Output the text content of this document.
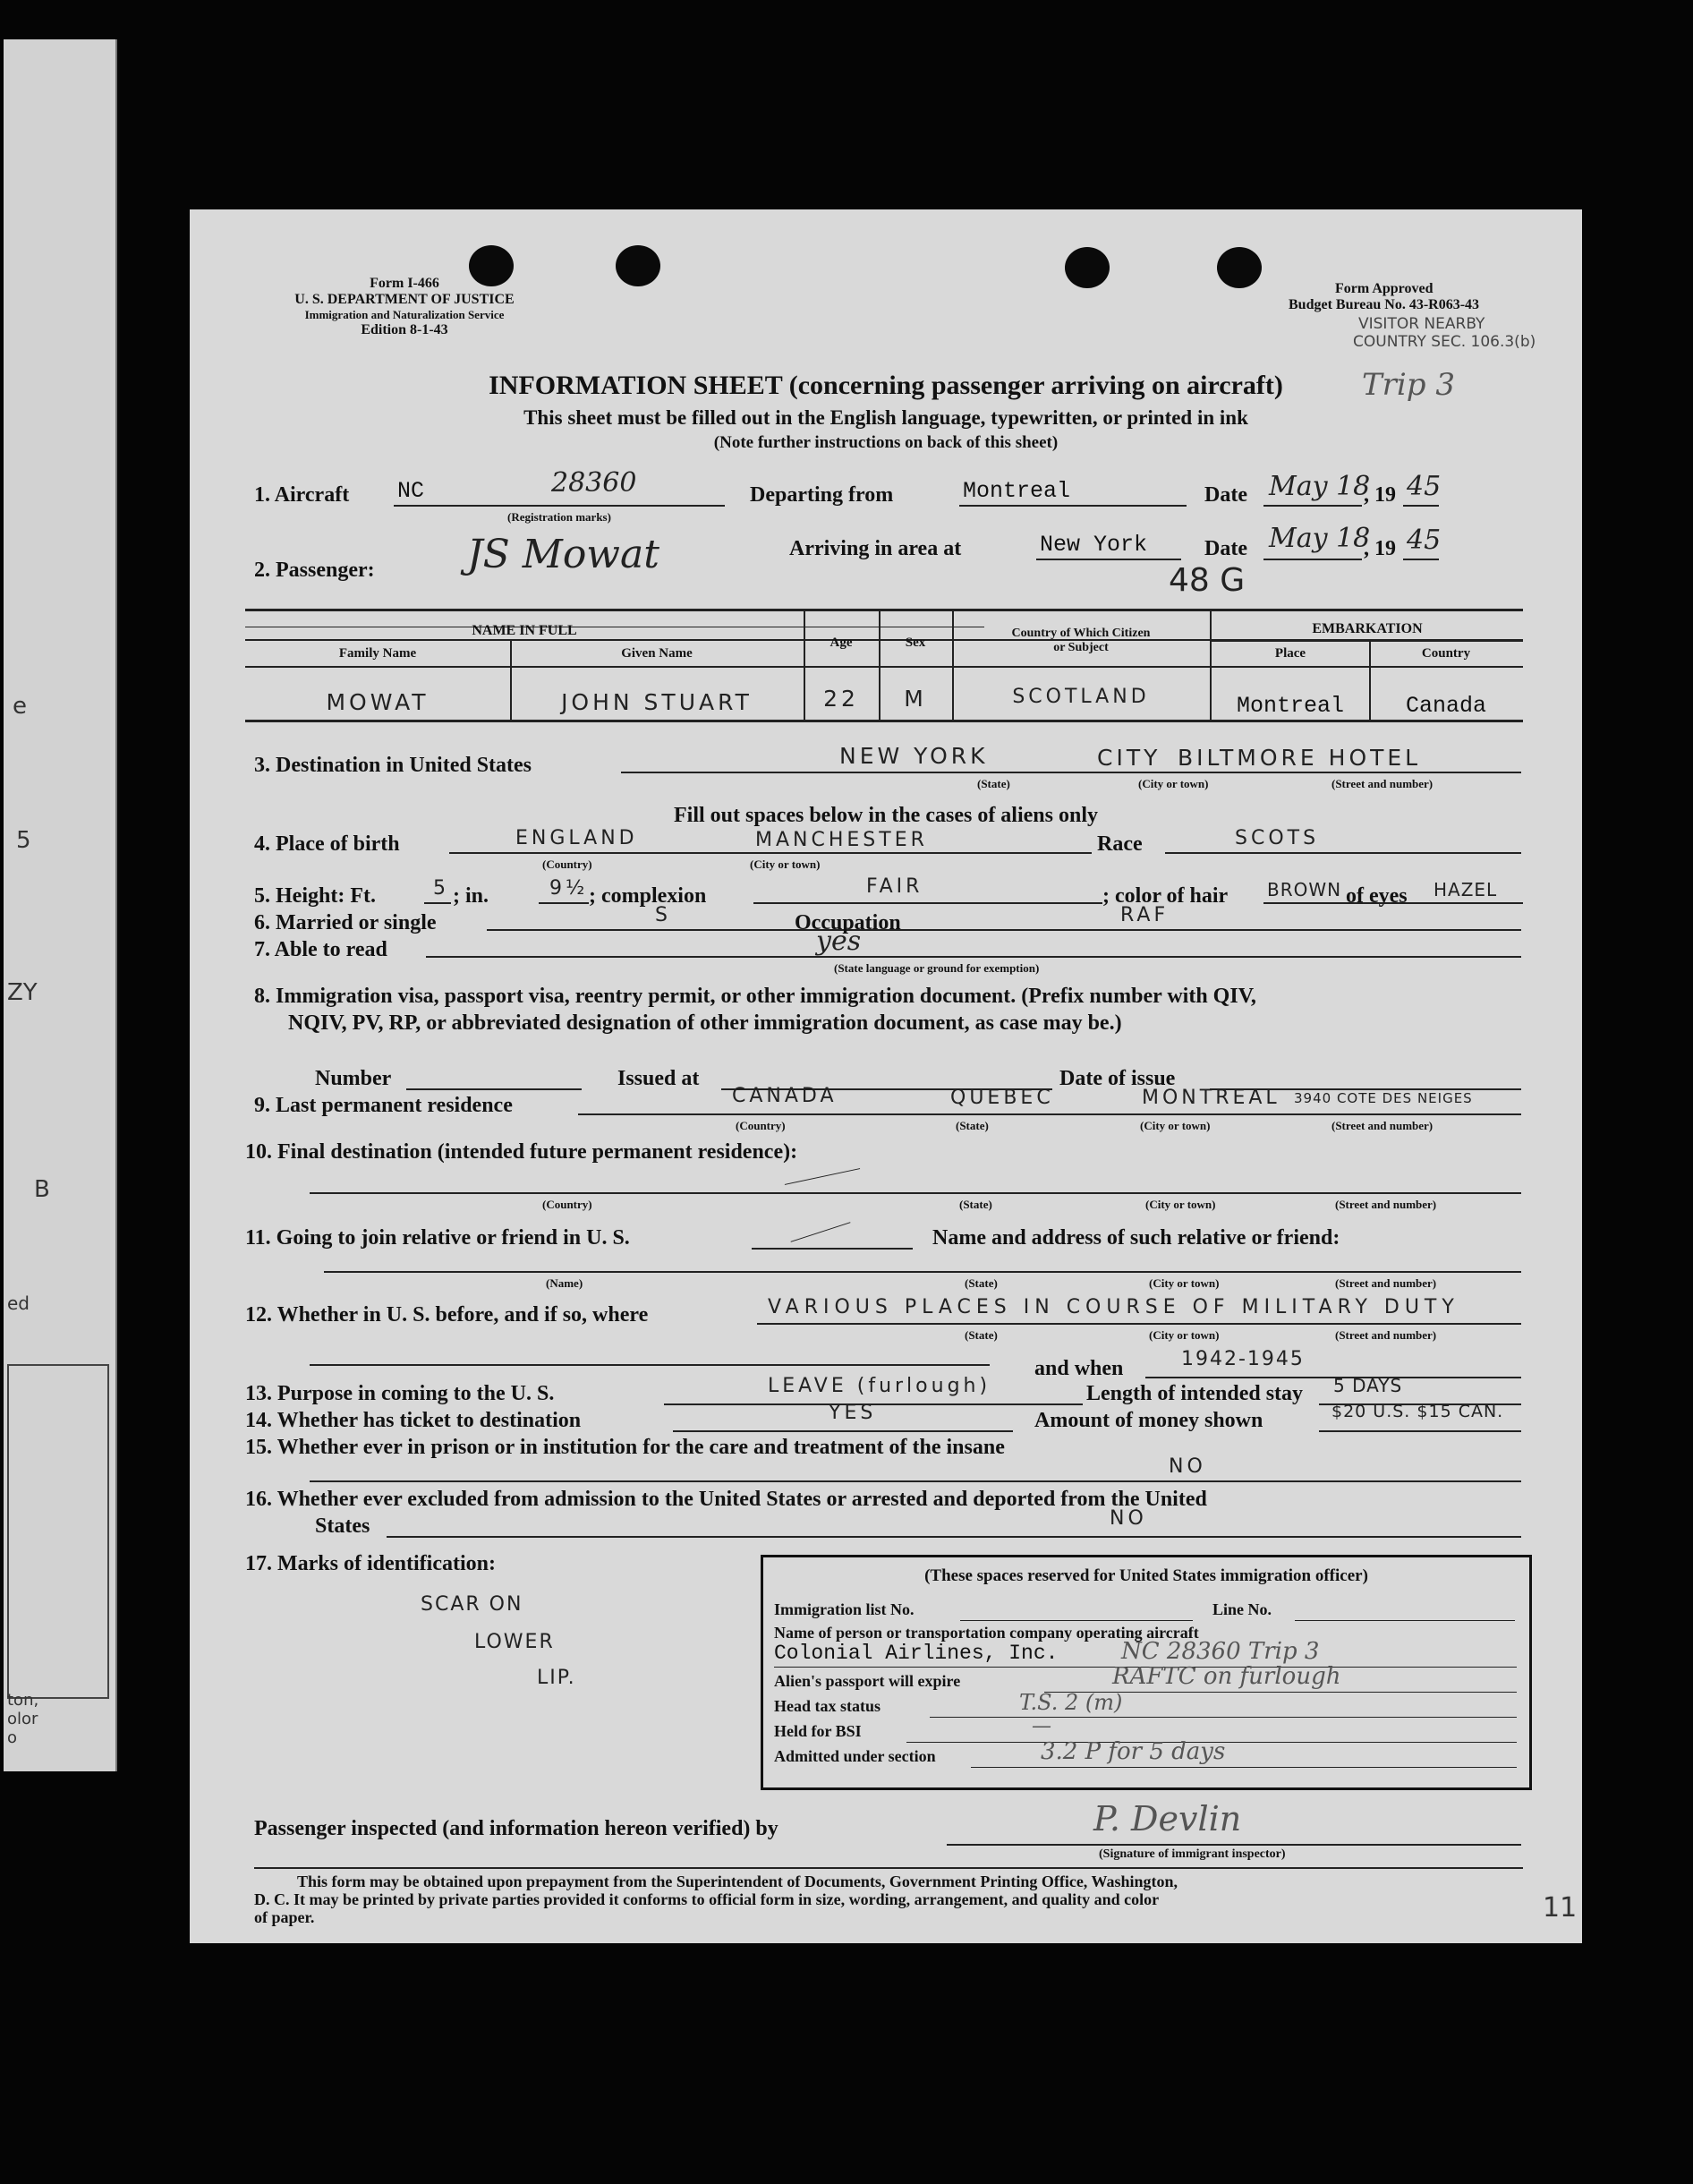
e
5
ZY
B
ed
ton,
olor
o
Form I-466
U. S. DEPARTMENT OF JUSTICE
Immigration and Naturalization Service
Edition 8-1-43
Form Approved
Budget Bureau No. 43-R063-43
VISITOR NEARBY
COUNTRY SEC. 106.3(b)
Trip 3
INFORMATION SHEET (concerning passenger arriving on aircraft)
This sheet must be filled out in the English language, typewritten, or printed in ink
(Note further instructions on back of this sheet)
1. Aircraft NC	28360
(Registration marks)
Departing from	Montreal	Date May 18
, 19 45
2. Passenger: JS Mowat	Arriving in area at	New York	Date May 18
, 19 45
48 G
NAME IN FULL
Family Name	Given Name
Age	Sex
Country of Which Citizen
or Subject
EMBARKATION
Place	Country
MOWAT	JOHN STUART	22	M	SCOTLAND	Montreal	Canada
3. Destination in United States	NEW YORK	CITY BILTMORE HOTEL
(State)	(City or town)	(Street and number)
Fill out spaces below in the cases of aliens only
4. Place of birth	ENGLAND	MANCHESTER
(Country)	(City or town)
Race	SCOTS
5. Height: Ft.	5 ; in.	9½ ; complexion	FAIR	; color of hair BROWN of eyes HAZEL
6. Married or single	S	Occupation	RAF
7. Able to read	yes
(State language or ground for exemption)
8. Immigration visa, passport visa, reentry permit, or other immigration document. (Prefix number with QIV,
NQIV, PV, RP, or abbreviated designation of other immigration document, as case may be.)
Number	Issued at	Date of issue
9. Last permanent residence	CANADA	QUEBEC	MONTREAL 3940 COTE DES NEIGES
(Country)	(State)	(City or town)	(Street and number)
10. Final destination (intended future permanent residence):
(Country)	(State)	(City or town)	(Street and number)
11. Going to join relative or friend in U. S.	Name and address of such relative or friend:
(Name)	(State)	(City or town)	(Street and number)
12. Whether in U. S. before, and if so, where	VARIOUS PLACES IN COURSE OF MILITARY DUTY
(State)	(City or town)	(Street and number)
and when	1942-1945
13. Purpose in coming to the U. S.	LEAVE (furlough)	Length of intended stay 5 DAYS
14. Whether has ticket to destination	YES	Amount of money shown	$20 U.S. $15 CAN.
15. Whether ever in prison or in institution for the care and treatment of the insane
NO
16. Whether ever excluded from admission to the United States or arrested and deported from the United
States	NO
17. Marks of identification:
SCAR ON
LOWER
LIP.
(These spaces reserved for United States immigration officer)
Immigration list No.	Line No.
Name of person or transportation company operating aircraft
Colonial Airlines, Inc.	NC 28360 Trip 3
Alien's passport will expire	RAFTC on furlough
Head tax status	T.S. 2 (m)
Held for BSI	—
Admitted under section	3.2 P for 5 days
Passenger inspected (and information hereon verified) by	P. Devlin
(Signature of immigrant inspector)
This form may be obtained upon prepayment from the Superintendent of Documents, Government Printing Office, Washington,
D. C. It may be printed by private parties provided it conforms to official form in size, wording, arrangement, and quality and color
of paper.	11
